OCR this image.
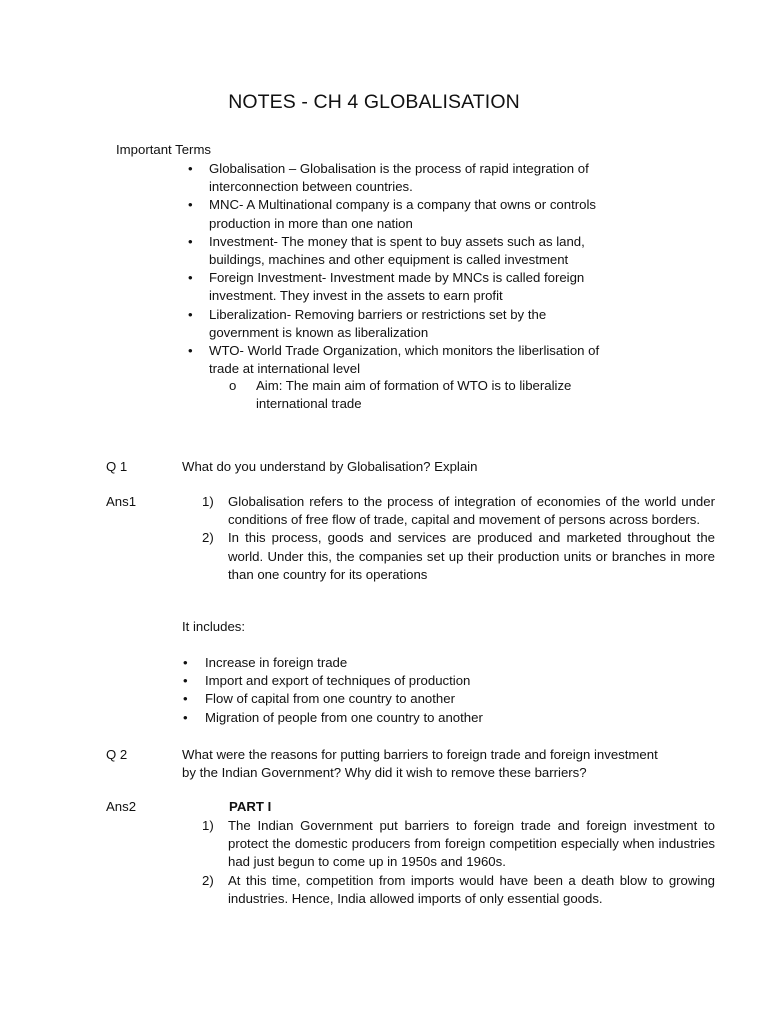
NOTES - CH 4 GLOBALISATION
Important Terms
• Globalisation – Globalisation is the process of rapid integration of
interconnection between countries.
• MNC- A Multinational company is a company that owns or controls
production in more than one nation
• Investment- The money that is spent to buy assets such as land,
buildings, machines and other equipment is called investment
• Foreign Investment- Investment made by MNCs is called foreign
investment. They invest in the assets to earn profit
• Liberalization- Removing barriers or restrictions set by the
government is known as liberalization
• WTO- World Trade Organization, which monitors the liberlisation of
trade at international level
o Aim: The main aim of formation of WTO is to liberalize
international trade
Q 1	What do you understand by Globalisation? Explain
Ans1	1) Globalisation refers to the process of integration of economies of the world under conditions of free flow of trade, capital and movement of persons across borders.
2) In this process, goods and services are produced and marketed throughout the world. Under this, the companies set up their production units or branches in more than one country for its operations
It includes:
• Increase in foreign trade
• Import and export of techniques of production
• Flow of capital from one country to another
• Migration of people from one country to another
Q 2	What were the reasons for putting barriers to foreign trade and foreign investment
by the Indian Government? Why did it wish to remove these barriers?
Ans2	PART I
1) The Indian Government put barriers to foreign trade and foreign investment to protect the domestic producers from foreign competition especially when industries had just begun to come up in 1950s and 1960s.
2) At this time, competition from imports would have been a death blow to growing industries. Hence, India allowed imports of only essential goods.
